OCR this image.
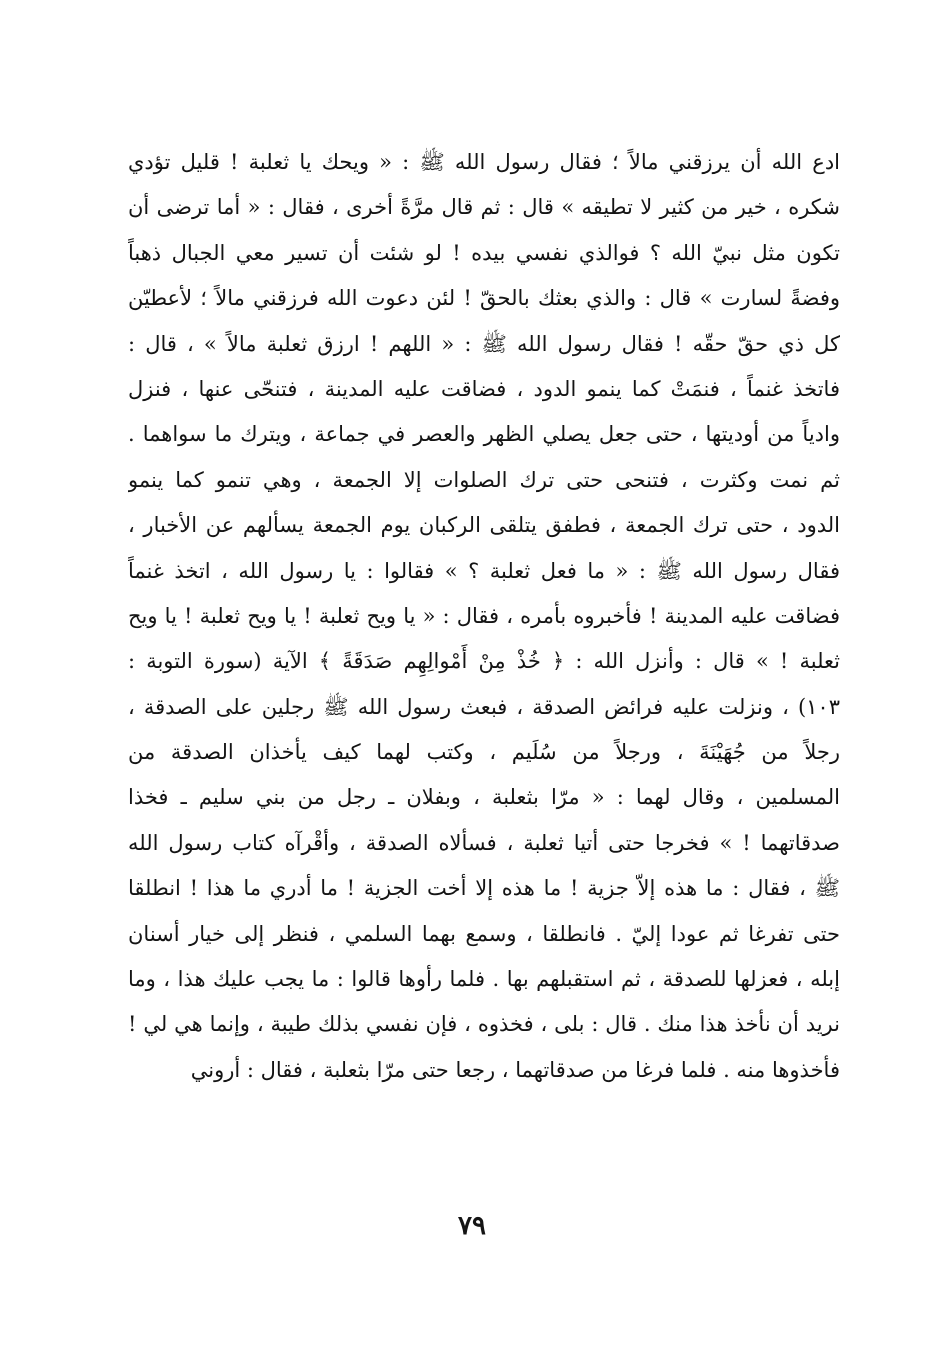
ادع الله أن يرزقني مالاً ؛ فقال رسول الله ﷺ : « ويحك يا ثعلبة ! قليل تؤدي
شكره ، خير من كثير لا تطيقه » قال : ثم قال مرَّةً أخرى ، فقال : « أما ترضى أن
تكون مثل نبيّ الله ؟ فوالذي نفسي بيده ! لو شئت أن تسير معي الجبال ذهباً
وفضةً لسارت » قال : والذي بعثك بالحقّ ! لئن دعوت الله فرزقني مالاً ؛ لأعطيّن
كل ذي حقّ حقّه ! فقال رسول الله ﷺ : « اللهم ! ارزق ثعلبة مالاً » ، قال :
فاتخذ غنماً ، فنمَتْ كما ينمو الدود ، فضاقت عليه المدينة ، فتنحّى عنها ، فنزل
وادياً من أوديتها ، حتى جعل يصلي الظهر والعصر في جماعة ، ويترك ما سواهما .
ثم نمت وكثرت ، فتنحى حتى ترك الصلوات إلا الجمعة ، وهي تنمو كما ينمو
الدود ، حتى ترك الجمعة ، فطفق يتلقى الركبان يوم الجمعة يسألهم عن الأخبار ،
فقال رسول الله ﷺ : « ما فعل ثعلبة ؟ » فقالوا : يا رسول الله ، اتخذ غنماً
فضاقت عليه المدينة ! فأخبروه بأمره ، فقال : « يا ويح ثعلبة ! يا ويح ثعلبة ! يا ويح
ثعلبة ! » قال : وأنزل الله : ﴿ خُذْ مِنْ أَمْوالِهِم صَدَقَةً ﴾ الآية (سورة التوبة :
١٠٣) ، ونزلت عليه فرائض الصدقة ، فبعث رسول الله ﷺ رجلين على الصدقة ،
رجلاً من جُهَيْنَةَ ، ورجلاً من سُلَيم ، وكتب لهما كيف يأخذان الصدقة من
المسلمين ، وقال لهما : « مرّا بثعلبة ، وبفلان ـ رجل من بني سليم ـ فخذا
صدقاتهما ! » فخرجا حتى أتيا ثعلبة ، فسألاه الصدقة ، وأقْرآه كتاب رسول الله
ﷺ ، فقال : ما هذه إلاّ جزية ! ما هذه إلا أخت الجزية ! ما أدري ما هذا ! انطلقا
حتى تفرغا ثم عودا إليّ . فانطلقا ، وسمع بهما السلمي ، فنظر إلى خيار أسنان
إبله ، فعزلها للصدقة ، ثم استقبلهم بها . فلما رأوها قالوا : ما يجب عليك هذا ، وما
نريد أن نأخذ هذا منك . قال : بلى ، فخذوه ، فإن نفسي بذلك طيبة ، وإنما هي لي !
فأخذوها منه . فلما فرغا من صدقاتهما ، رجعا حتى مرّا بثعلبة ، فقال : أروني
٧٩
